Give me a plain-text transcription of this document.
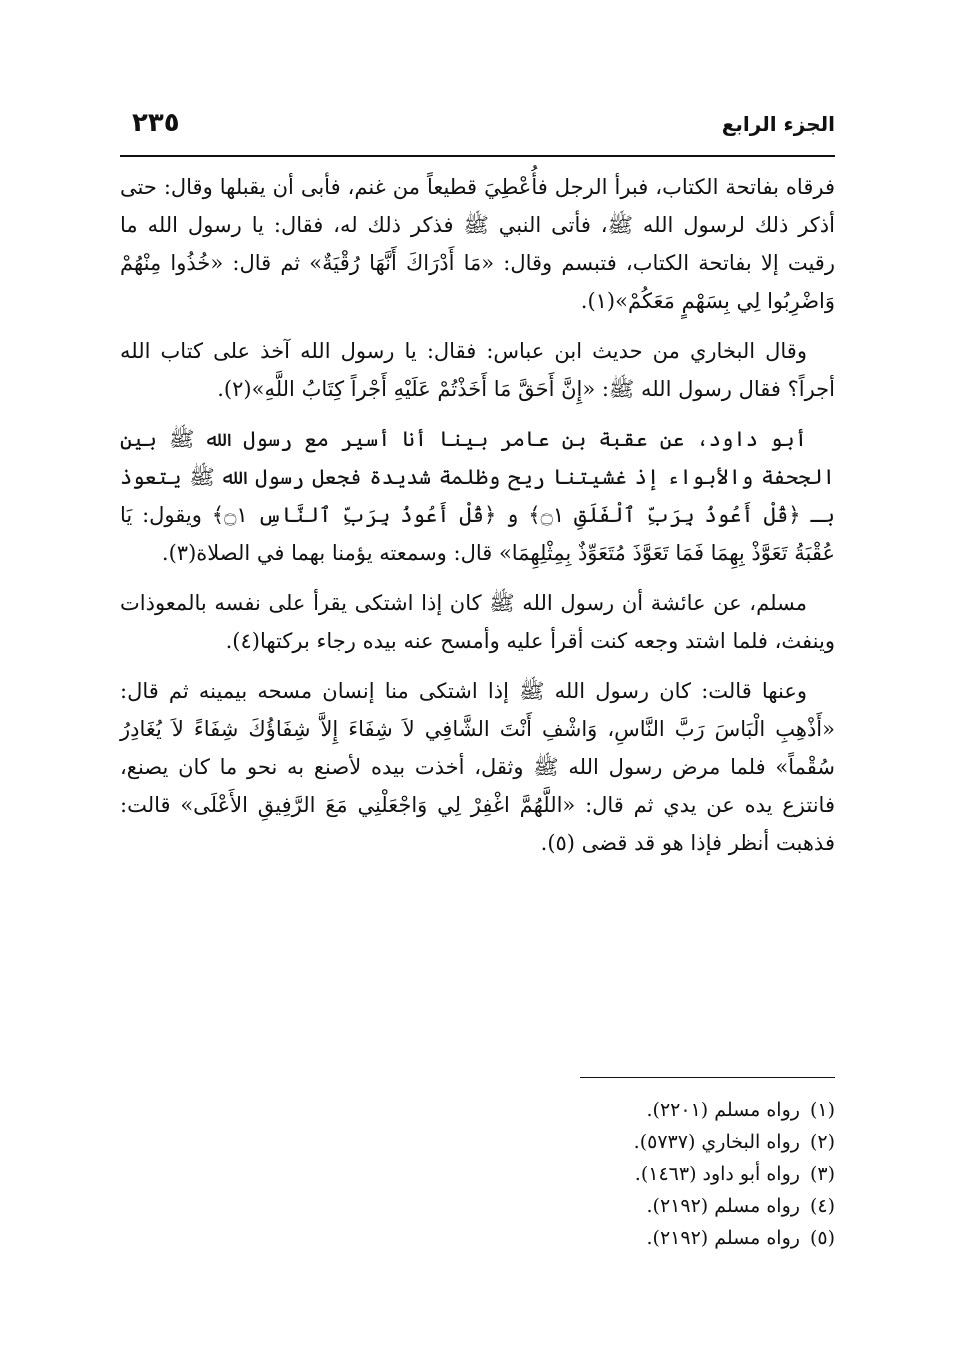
الجزء الرابع
٢٣٥

فرقاه بفاتحة الكتاب، فبرأ الرجل فأُعْطِيَ قطيعاً من غنم، فأبى أن يقبلها وقال: حتى أذكر ذلك لرسول الله ﷺ، فأتى النبي ﷺ فذكر ذلك له، فقال: يا رسول الله ما رقيت إلا بفاتحة الكتاب، فتبسم وقال: «مَا أَدْرَاكَ أَنَّهَا رُقْيَةٌ» ثم قال: «خُذُوا مِنْهُمْ وَاضْرِبُوا لِي بِسَهْمٍ مَعَكُمْ»(١).

وقال البخاري من حديث ابن عباس: فقال: يا رسول الله آخذ على كتاب الله أجراً؟ فقال رسول الله ﷺ: «إِنَّ أَحَقَّ مَا أَخَذْتُمْ عَلَيْهِ أَجْراً كِتَابُ اللَّهِ»(٢).

أبو داود، عن عقبة بن عامر بينا أنا أسير مع رسول الله ﷺ بين الجحفة والأبواء إذ غشيتنا ريح وظلمة شديدة فجعل رسول الله ﷺ يتعوذ بـ ﴿قُلْ أَعُوذُ بِرَبِّ ٱلْفَلَقِ ۝١﴾ و ﴿قُلْ أَعُوذُ بِرَبِّ ٱلنَّاسِ ۝١﴾ ويقول: يَا عُقْبَةُ تَعَوَّذْ بِهِمَا فَمَا تَعَوَّذَ مُتَعَوِّذٌ بِمِثْلِهِمَا» قال: وسمعته يؤمنا بهما في الصلاة(٣).

مسلم، عن عائشة أن رسول الله ﷺ كان إذا اشتكى يقرأ على نفسه بالمعوذات وينفث، فلما اشتد وجعه كنت أقرأ عليه وأمسح عنه بيده رجاء بركتها(٤).

وعنها قالت: كان رسول الله ﷺ إذا اشتكى منا إنسان مسحه بيمينه ثم قال: «أَذْهِبِ الْبَاسَ رَبَّ النَّاسِ، وَاشْفِ أَنْتَ الشَّافِي لاَ شِفَاءَ إِلاَّ شِفَاؤُكَ شِفَاءً لاَ يُغَادِرُ سُقْماً» فلما مرض رسول الله ﷺ وثقل، أخذت بيده لأصنع به نحو ما كان يصنع، فانتزع يده عن يدي ثم قال: «اللَّهُمَّ اغْفِرْ لِي وَاجْعَلْنِي مَعَ الرَّفِيقِ الأَعْلَى» قالت: فذهبت أنظر فإذا هو قد قضى (٥).

(١)رواه مسلم (٢٢٠١).
(٢)رواه البخاري (٥٧٣٧).
(٣)رواه أبو داود (١٤٦٣).
(٤)رواه مسلم (٢١٩٢).
(٥)رواه مسلم (٢١٩٢).
